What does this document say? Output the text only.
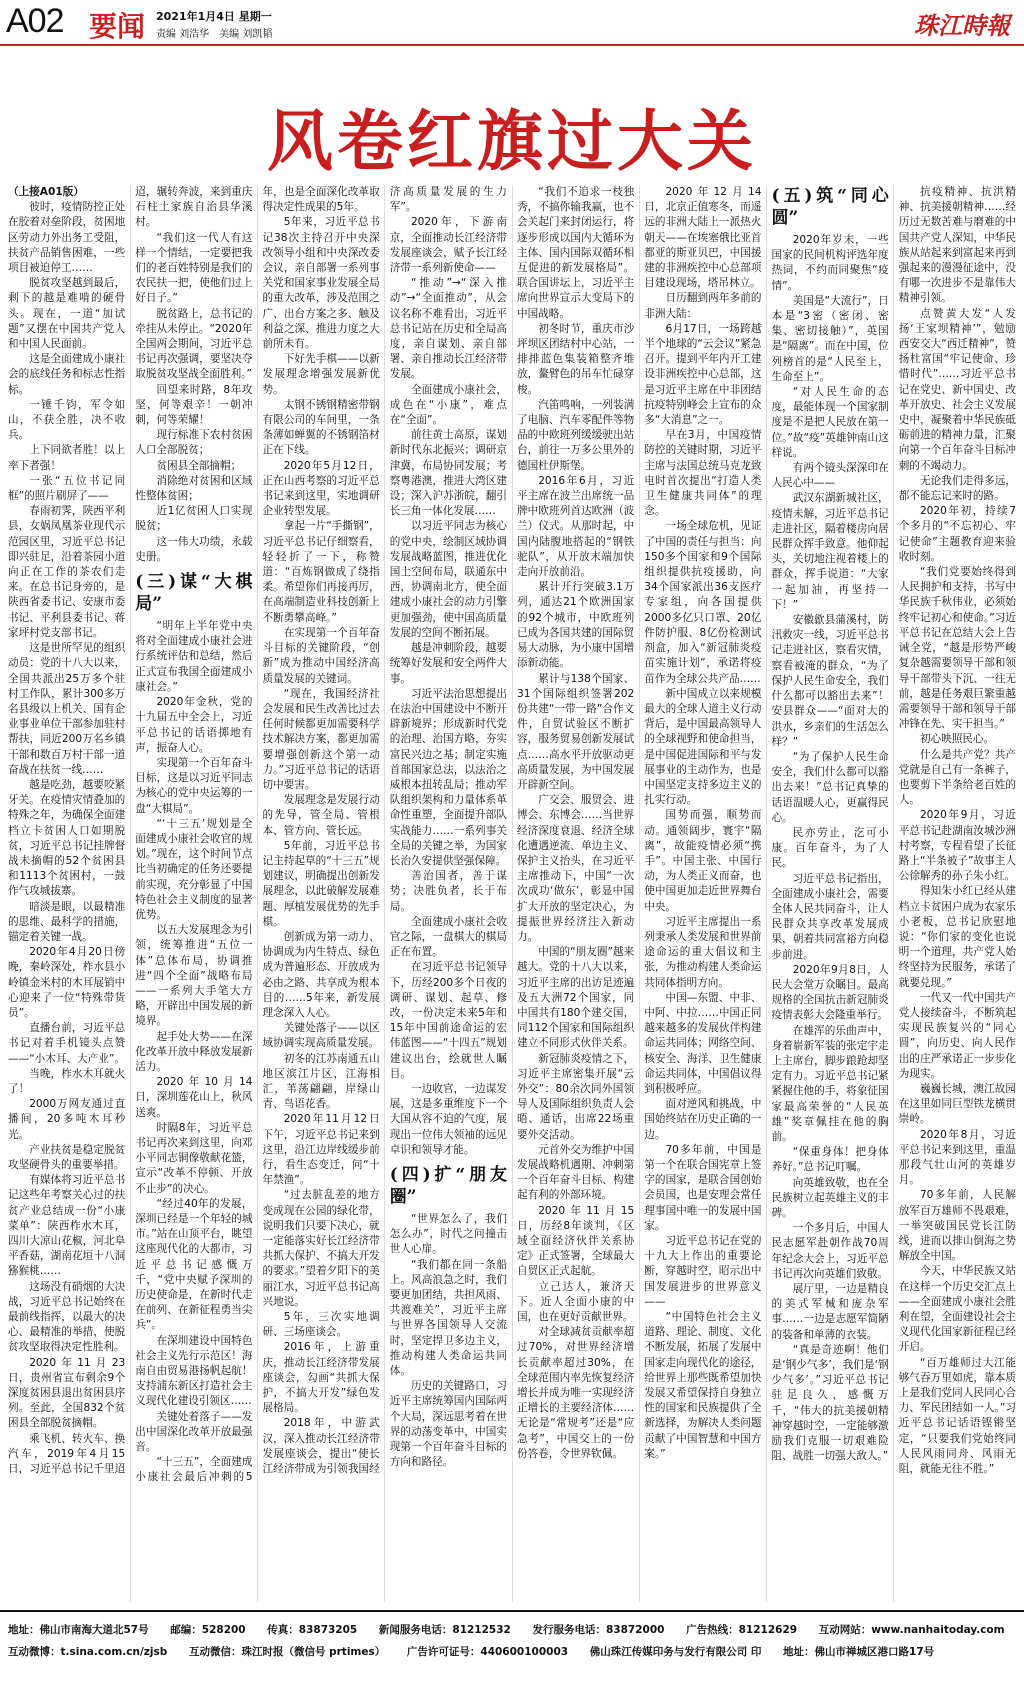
A02 要闻 2021年1月4日 星期一
责编 刘浩华　美编 刘凯韬	珠江時報
风卷红旗过大关

（上接A01版）

彼时，疫情防控正处在胶着对垒阶段，贫困地区劳动力外出务工受阻，扶贫产品销售困难，一些项目被迫停工……

脱贫攻坚越到最后，剩下的越是难啃的硬骨头。现在，一道“加试题”又摆在中国共产党人和中国人民面前。

这是全面建成小康社会的底线任务和标志性指标。

一锤千钧，军令如山，不获全胜，决不收兵。

上下同欲者胜！以上率下者强！

一张“五位书记同框”的照片刷屏了——

春雨初霁，陕西平利县，女娲凤凰茶业现代示范园区里，习近平总书记即兴驻足，沿着茶园小道向正在工作的茶农们走来。在总书记身旁的，是陕西省委书记、安康市委书记、平利县委书记、蒋家坪村党支部书记。

这是世所罕见的组织动员：党的十八大以来，全国共派出25万多个驻村工作队，累计300多万名县级以上机关、国有企业事业单位干部参加驻村帮扶，同近200万名乡镇干部和数百万村干部一道奋战在扶贫一线……

越是吃劲，越要咬紧牙关。在疫情灾情叠加的特殊之年，为确保全面建档立卡贫困人口如期脱贫，习近平总书记挂牌督战未摘帽的52个贫困县和1113个贫困村，一鼓作气攻城拔寨。

暗淡是眼，以最精准的思维、最科学的措施，锚定着关键一战。

2020年4月20日傍晚，秦岭深处，柞水县小岭镇金米村的木耳展销中心迎来了一位“特殊带货员”。

直播台前，习近平总书记对着手机镜头点赞——“小木耳、大产业”。

当晚，柞水木耳就火了！

2000万网友通过直播间，20多吨木耳秒光。

产业扶贫是稳定脱贫攻坚硬骨头的重要举措。

有媒体将习近平总书记这些年考察关心过的扶贫产业总结成一份“小康菜单”：陕西柞水木耳，四川大凉山花椒，河北阜平香菇，湖南花垣十八洞猕猴桃……

这场没有硝烟的大决战，习近平总书记始终在最前线指挥，以最大的决心、最精准的举措，使脱贫攻坚取得决定性胜利。

2020年11月23日，贵州省宣布剩余9个深度贫困县退出贫困县序列。至此，全国832个贫困县全部脱贫摘帽。

乘飞机、转火车、换汽车，2019年4月15日，习近平总书记千里迢迢，辗转奔波，来到重庆石柱土家族自治县华溪村。

“我们这一代人有这样一个情结，一定要把我们的老百姓特别是我们的农民扶一把，使他们过上好日子。”

脱贫路上，总书记的牵挂从未停止。“2020年全国两会期间，习近平总书记再次强调，要坚决夺取脱贫攻坚战全面胜利。”

回望来时路，8年攻坚，何等艰辛！一朝冲刺，何等荣耀！

现行标准下农村贫困人口全部脱贫；

贫困县全部摘帽；

消除绝对贫困和区域性整体贫困；

近1亿贫困人口实现脱贫；

这一伟大功绩，永载史册。

(三)谋“大棋局”

“明年上半年党中央将对全面建成小康社会进行系统评估和总结，然后正式宣布我国全面建成小康社会。”

2020年金秋，党的十九届五中全会上，习近平总书记的话语掷地有声，振奋人心。

实现第一个百年奋斗目标，这是以习近平同志为核心的党中央运筹的一盘“大棋局”。

“‘十三五’规划是全面建成小康社会收官的规划。”现在，这个时间节点比当初确定的任务还要提前实现，充分彰显了中国特色社会主义制度的显著优势。

以五大发展理念为引领，统筹推进“五位一体”总体布局，协调推进“四个全面”战略布局——一系列大手笔大方略，开辟出中国发展的新境界。

起手处大势——在深化改革开放中释放发展新活力。

2020年10月14日，深圳莲花山上，秋风送爽。

时隔8年，习近平总书记再次来到这里，向邓小平同志铜像敬献花篮，宣示“改革不停顿、开放不止步”的决心。

“经过40年的发展，深圳已经是一个年轻的城市。”站在山顶平台，眺望这座现代化的大都市，习近平总书记感慨万千，“党中央赋予深圳的历史使命是，在新时代走在前列、在新征程勇当尖兵”。

在深圳建设中国特色社会主义先行示范区！海南自由贸易港扬帆起航！支持浦东新区打造社会主义现代化建设引领区……

关键处着落子——发出中国深化改革开放最强音。

“十三五”，全面建成小康社会最后冲刺的5年，也是全面深化改革取得决定性成果的5年。

5年来，习近平总书记38次主持召开中央深改领导小组和中央深改委会议，亲自部署一系列事关党和国家事业发展全局的重大改革，涉及范围之广、出台方案之多、触及利益之深、推进力度之大前所未有。

下好先手棋——以新发展理念增强发展新优势。

太钢不锈钢精密带钢有限公司的车间里，一条条薄如蝉翼的不锈钢箔材正在下线。

2020年5月12日，正在山西考察的习近平总书记来到这里，实地调研企业转型发展。

拿起一片“手撕钢”，习近平总书记仔细察看，轻轻折了一下，称赞道：“百炼钢做成了绕指柔。希望你们再接再厉，在高端制造业科技创新上不断勇攀高峰。”

在实现第一个百年奋斗目标的关键阶段，“创新”成为推动中国经济高质量发展的关键词。

“现在，我国经济社会发展和民生改善比过去任何时候都更加需要科学技术解决方案，都更加需要增强创新这个第一动力。”习近平总书记的话语切中要害。

发展理念是发展行动的先导，管全局、管根本、管方向、管长远。

5年前，习近平总书记主持起草的“十三五”规划建议，明确提出创新发展理念，以此破解发展难题、厚植发展优势的先手棋。

创新成为第一动力、协调成为内生特点、绿色成为普遍形态、开放成为必由之路、共享成为根本目的……5年来，新发展理念深入人心。

关键处落子——以区域协调实现高质量发展。

初冬的江苏南通五山地区滨江片区，江海相汇，苇荡翩翩，岸绿山青、鸟语花香。

2020年11月12日下午，习近平总书记来到这里，沿江边岸线缓步前行，看生态变迁，问“十年禁渔”。

“过去脏乱差的地方变成现在公园的绿化带，说明我们只要下决心，就一定能落实好长江经济带共抓大保护、不搞大开发的要求。”望着夕阳下的美丽江水，习近平总书记高兴地说。

5年，三次实地调研、三场座谈会。

2016年，上游重庆，推动长江经济带发展座谈会，勾画“共抓大保护，不搞大开发”绿色发展格局。

2018年，中游武汉，深入推动长江经济带发展座谈会，提出“使长江经济带成为引领我国经济高质量发展的生力军”。

2020年，下游南京，全面推动长江经济带发展座谈会，赋予长江经济带一系列新使命——

“推动”→“深入推动”→“全面推动”，从会议名称不难看出，习近平总书记站在历史和全局高度，亲自谋划、亲自部署、亲自推动长江经济带发展。

全面建成小康社会，成色在“小康”，难点在“全面”。

前往黄土高原，谋划新时代东北振兴；调研京津冀，布局协同发展；考察粤港澳，推进大湾区建设；深入沪苏浙皖，翻引长三角一体化发展……

以习近平同志为核心的党中央，绘制区域协调发展战略蓝图，推进优化国土空间布局，联通东中西，协调南北方，使全面建成小康社会的动力引擎更加强劲，使中国高质量发展的空间不断拓展。

越是冲刺阶段，越要统筹好发展和安全两件大事。

习近平法治思想提出在法治中国建设中不断开辟新境界；形成新时代党的治理、治国方略，夯实富民兴边之基；制定实施首部国家总法，以法治之威根本扭转乱局；推动军队组织架构和力量体系革命性重塑，全面提升部队实战能力……一系列事关全局的关键之举，为国家长治久安提供坚强保障。

善治国者，善于谋势；决胜负者，长于布局。

全面建成小康社会收官之际，一盘棋大的棋局正在布置。

在习近平总书记领导下，历经200多个日夜的调研、谋划、起草、修改，一份决定未来5年和15年中国前途命运的宏伟蓝图——“十四五”规划建议出台，绘就世人瞩目。

一边收官，一边谋发展，这是多重维度下一个大国从容不迫的气度，展现出一位伟大领袖的远见卓识和领导才能。

(四)扩“朋友圈”

“世界怎么了，我们怎么办”，时代之问撞击世人心扉。

“我们都在同一条船上。风高浪急之时，我们要更加团结，共担风雨、共渡难关”，习近平主席与世界各国领导人交流时，坚定捍卫多边主义，推动构建人类命运共同体。

历史的关键路口，习近平主席统筹国内国际两个大局，深远思考着在世界的动荡变革中，中国实现第一个百年奋斗目标的方向和路径。

“我们不追求一枝独秀，不搞你输我赢，也不会关起门来封闭运行，将逐步形成以国内大循环为主体、国内国际双循环相互促进的新发展格局”。联合国讲坛上，习近平主席向世界宣示大变局下的中国战略。

初冬时节，重庆市沙坪坝区团结村中心站，一排排蓝色集装箱整齐堆放，鳌臂色的吊车忙碌穿梭。

汽笛鸣响，一列装满了电脑、汽车零配件等物品的中欧班列缓缓驶出站台，前往一万多公里外的德国杜伊斯堡。

2016年6月，习近平主席在波兰出席统一品牌中欧班列首达欧洲（波兰）仪式。从那时起，中国内陆腹地搭起的“钢铁驼队”，从开放末端加快走向开放前沿。

累计开行突破3.1万列，通达21个欧洲国家的92个城市，中欧班列已成为各国共建的国际贸易大动脉，为小康中国增添新动能。

累计与138个国家、31个国际组织签署202份共建“一带一路”合作文件，自贸试验区不断扩容，服务贸易创新发展试点……高水平开放驱动更高质量发展，为中国发展开辟新空间。

广交会、服贸会、进博会、东博会……当世界经济深度衰退、经济全球化遭遇逆流、单边主义、保护主义抬头，在习近平主席推动下，中国“一次次成功‘做东’，彰显中国扩大开放的坚定决心，为提振世界经济注入新动力。

中国的“朋友圈”越来越大。党的十八大以来，习近平主席的出访足迹遍及五大洲72个国家，同中国共有180个建交国，同112个国家和国际组织建立不同形式伙伴关系。

新冠肺炎疫情之下，习近平主席密集开展“云外交”：80余次同外国领导人及国际组织负责人会晤、通话，出席22场重要外交活动。

元首外交为维护中国发展战略机遇期、冲刺第一个百年奋斗目标、构建起有利的外部环境。

2020年11月15日，历经8年谈判，《区域全面经济伙伴关系协定》正式签署，全球最大自贸区正式起航。

立己达人，兼济天下。近人全面小康的中国，也在更好贡献世界。

对全球减贫贡献率超过70%，对世界经济增长贡献率超过30%，在全球范围内率先恢复经济增长并成为唯一实现经济正增长的主要经济体……无论是“常规考”还是“应急考”，中国交上的一份份答卷，令世界钦佩。

2020年12月14日，北京正值寒冬，而遥远的非洲大陆上一派热火朝天——在埃塞俄比亚首都亚的斯亚贝巴，中国援建的非洲疾控中心总部项目建设现场，塔吊林立。

日历翻到两年多前的非洲大陆：

6月17日，一场跨越半个地球的“云会议”紧急召开。提到平年内开工建设非洲疾控中心总部，这是习近平主席在中非团结抗疫特别峰会上宣布的众多“大消息”之一。

早在3月，中国疫情防控的关键时期，习近平主席与法国总统马克龙致电时首次提出“打造人类卫生健康共同体”的理念。

一场全球危机，见证了中国的责任与担当：向150多个国家和9个国际组织提供抗疫援助，向34个国家派出36支医疗专家组，向各国提供2000多亿只口罩、20亿件防护服、8亿份检测试剂盒，加入“新冠肺炎疫苗实施计划”，承诺将疫苗作为全球公共产品……

新中国成立以来规模最大的全球人道主义行动背后，是中国最高领导人的全球视野和使命担当，是中国促进国际和平与发展事业的主动作为，也是中国坚定支持多边主义的扎实行动。

国势而强，顺势而动。通领阔步，寰宇“隔离”，故能疫情必须“携手”。中国主张、中国行动，为人类正义而奋，也使中国更加走近世界舞台中央。

习近平主席提出一系列秉承人类发展和世界前途命运的重大倡议和主张，为推动构建人类命运共同体指明方向。

中国—东盟、中非、中阿、中拉……中国正同越来越多的发展伙伴构建命运共同体；网络空间、核安全、海洋、卫生健康命运共同体，中国倡议得到积极呼应。

面对逆风和挑战，中国始终站在历史正确的一边。

70多年前，中国是第一个在联合国宪章上签字的国家，是联合国创始会员国，也是安理会常任理事国中唯一的发展中国家。

习近平总书记在党的十九大上作出的重要论断，穿越时空，昭示出中国发展进步的世界意义——

“中国特色社会主义道路、理论、制度、文化不断发展，拓展了发展中国家走向现代化的途径，给世界上那些既希望加快发展又希望保持自身独立性的国家和民族提供了全新选择，为解决人类问题贡献了中国智慧和中国方案。”

(五)筑“同心圆”

2020年岁末，一些国家的民间机构评选年度热词，不约而同聚焦“疫情”。

美国是“大流行”，日本是“3密（密闭、密集、密切接触）”，英国是“隔离”。而在中国，位列榜首的是“人民至上，生命至上”。

“对人民生命的态度，最能体现一个国家制度是不是把人民放在第一位。”故“疫”英雄钟南山这样说。

有两个镜头深深印在人民心中——

武汉东湖新城社区，疫情未解，习近平总书记走进社区，隔着楼房向居民群众挥手致意。他仰起头，关切地注视着楼上的群众，挥手说道：“大家一起加油，再坚持一下！”

安徽歙县蒲溪村，防汛救灾一线，习近平总书记走进社区，察看灾情，察看被淹的群众，“为了保护人民生命安全，我们什么都可以豁出去来”！安县群众——“面对大的洪水，乡亲们的生活怎么样？”

“为了保护人民生命安全，我们什么都可以豁出去来！”总书记真挚的话语温暖人心，更赢得民心。

民亦劳止，汔可小康。百年奋斗，为了人民。

习近平总书记指出，全面建成小康社会，需要全体人民共同奋斗，让人民群众共享改革发展成果，朝着共同富裕方向稳步前进。

2020年9月8日，人民大会堂万众瞩目。最高规格的全国抗击新冠肺炎疫情表彰大会隆重举行。

在雄浑的乐曲声中，身着崭新军装的张定宇走上主席台，脚步踉跄却坚定有力。习近平总书记紧紧握住他的手，将象征国家最高荣誉的“人民英雄”奖章佩挂在他的胸前。

“保重身体！把身体养好。”总书记叮嘱。

向英雄致敬，也在全民族树立起英雄主义的丰碑。

一个多月后，中国人民志愿军赴朝作战70周年纪念大会上，习近平总书记再次向英雄们致敬。

展厅里，一边是精良的美式军械和庞杂军事……一边是志愿军简陋的装备和单薄的衣装。

“真是奇迹啊！他们是‘钢少气多’，我们是‘钢少气多’。”习近平总书记驻足良久，感慨万千，“伟大的抗美援朝精神穿越时空，一定能够激励我们克服一切艰难险阻、战胜一切强大敌人。”

抗疫精神、抗洪精神、抗美援朝精神……经历过无数苦难与磨难的中国共产党人深知，中华民族从站起来到富起来再到强起来的漫漫征途中，没有哪一次进步不是靠伟大精神引领。

点赞黄大发“人发扬‘王家坝精神’”，勉励西安交大“西迁精神”，赞扬杜富国“牢记使命、珍惜时代”……习近平总书记在党史、新中国史、改革开放史、社会主义发展史中，凝聚着中华民族砥砺前进的精神力量，汇聚向第一个百年奋斗目标冲刺的不竭动力。

无论我们走得多远，都不能忘记来时的路。

2020年初，持续7个多月的“不忘初心、牢记使命”主题教育迎来验收时刻。

“我们党要始终得到人民拥护和支持，书写中华民族千秋伟业，必须始终牢记初心和使命。”习近平总书记在总结大会上告诫全党，“越是形势严峻复杂越需要领导干部和领导干部带头下沉、一往无前，越是任务艰巨繁重越需要领导干部和领导干部冲锋在先、实干担当。”

初心映照民心。

什么是共产党？共产党就是自己有一条裤子，也要剪下半条给老百姓的人。

2020年9月，习近平总书记赴湖南汝城沙洲村考察，专程看望了长征路上“半条被子”故事主人公徐解秀的孙子朱小红。

得知朱小红已经从建档立卡贫困户成为农家乐小老板，总书记欣慰地说：“你们家的变化也说明一个道理，共产党人始终坚持为民服务，承诺了就要兑现。”

一代又一代中国共产党人接续奋斗，不断筑起实现民族复兴的“同心圆”，向历史、向人民作出的庄严承诺正一步步化为现实。

巍巍长城，澳江故园在这里如同巨型铁龙横贯崇岭。

2020年8月，习近平总书记来到这里，重温那段气壮山河的英雄岁月。

70多年前，人民解放军百万雄师不畏艰难，一举突破国民党长江防线，进而以排山倒海之势解放全中国。

今天，中华民族又站在这样一个历史交汇点上——全面建成小康社会胜利在望，全面建设社会主义现代化国家新征程已经开启。

“百万雄师过大江能够气吞万里如虎，靠本质上是我们党同人民同心合力、军民团结如一人。”习近平总书记话语铿锵坚定，“只要我们党始终同人民风雨同舟、风雨无阻，就能无往不胜。”

地址：佛山市南海大道北57号 邮编：528200 传真：83873205 新闻服务电话：81212532 发行服务电话：83872000 广告热线：81212629 互动网站：www.nanhaitoday.com
互动微博：t.sina.com.cn/zjsb 互动微信：珠江时报（微信号 prtimes） 广告许可证号：440600100003 佛山珠江传媒印务与发行有限公司 印 地址：佛山市禅城区港口路17号
